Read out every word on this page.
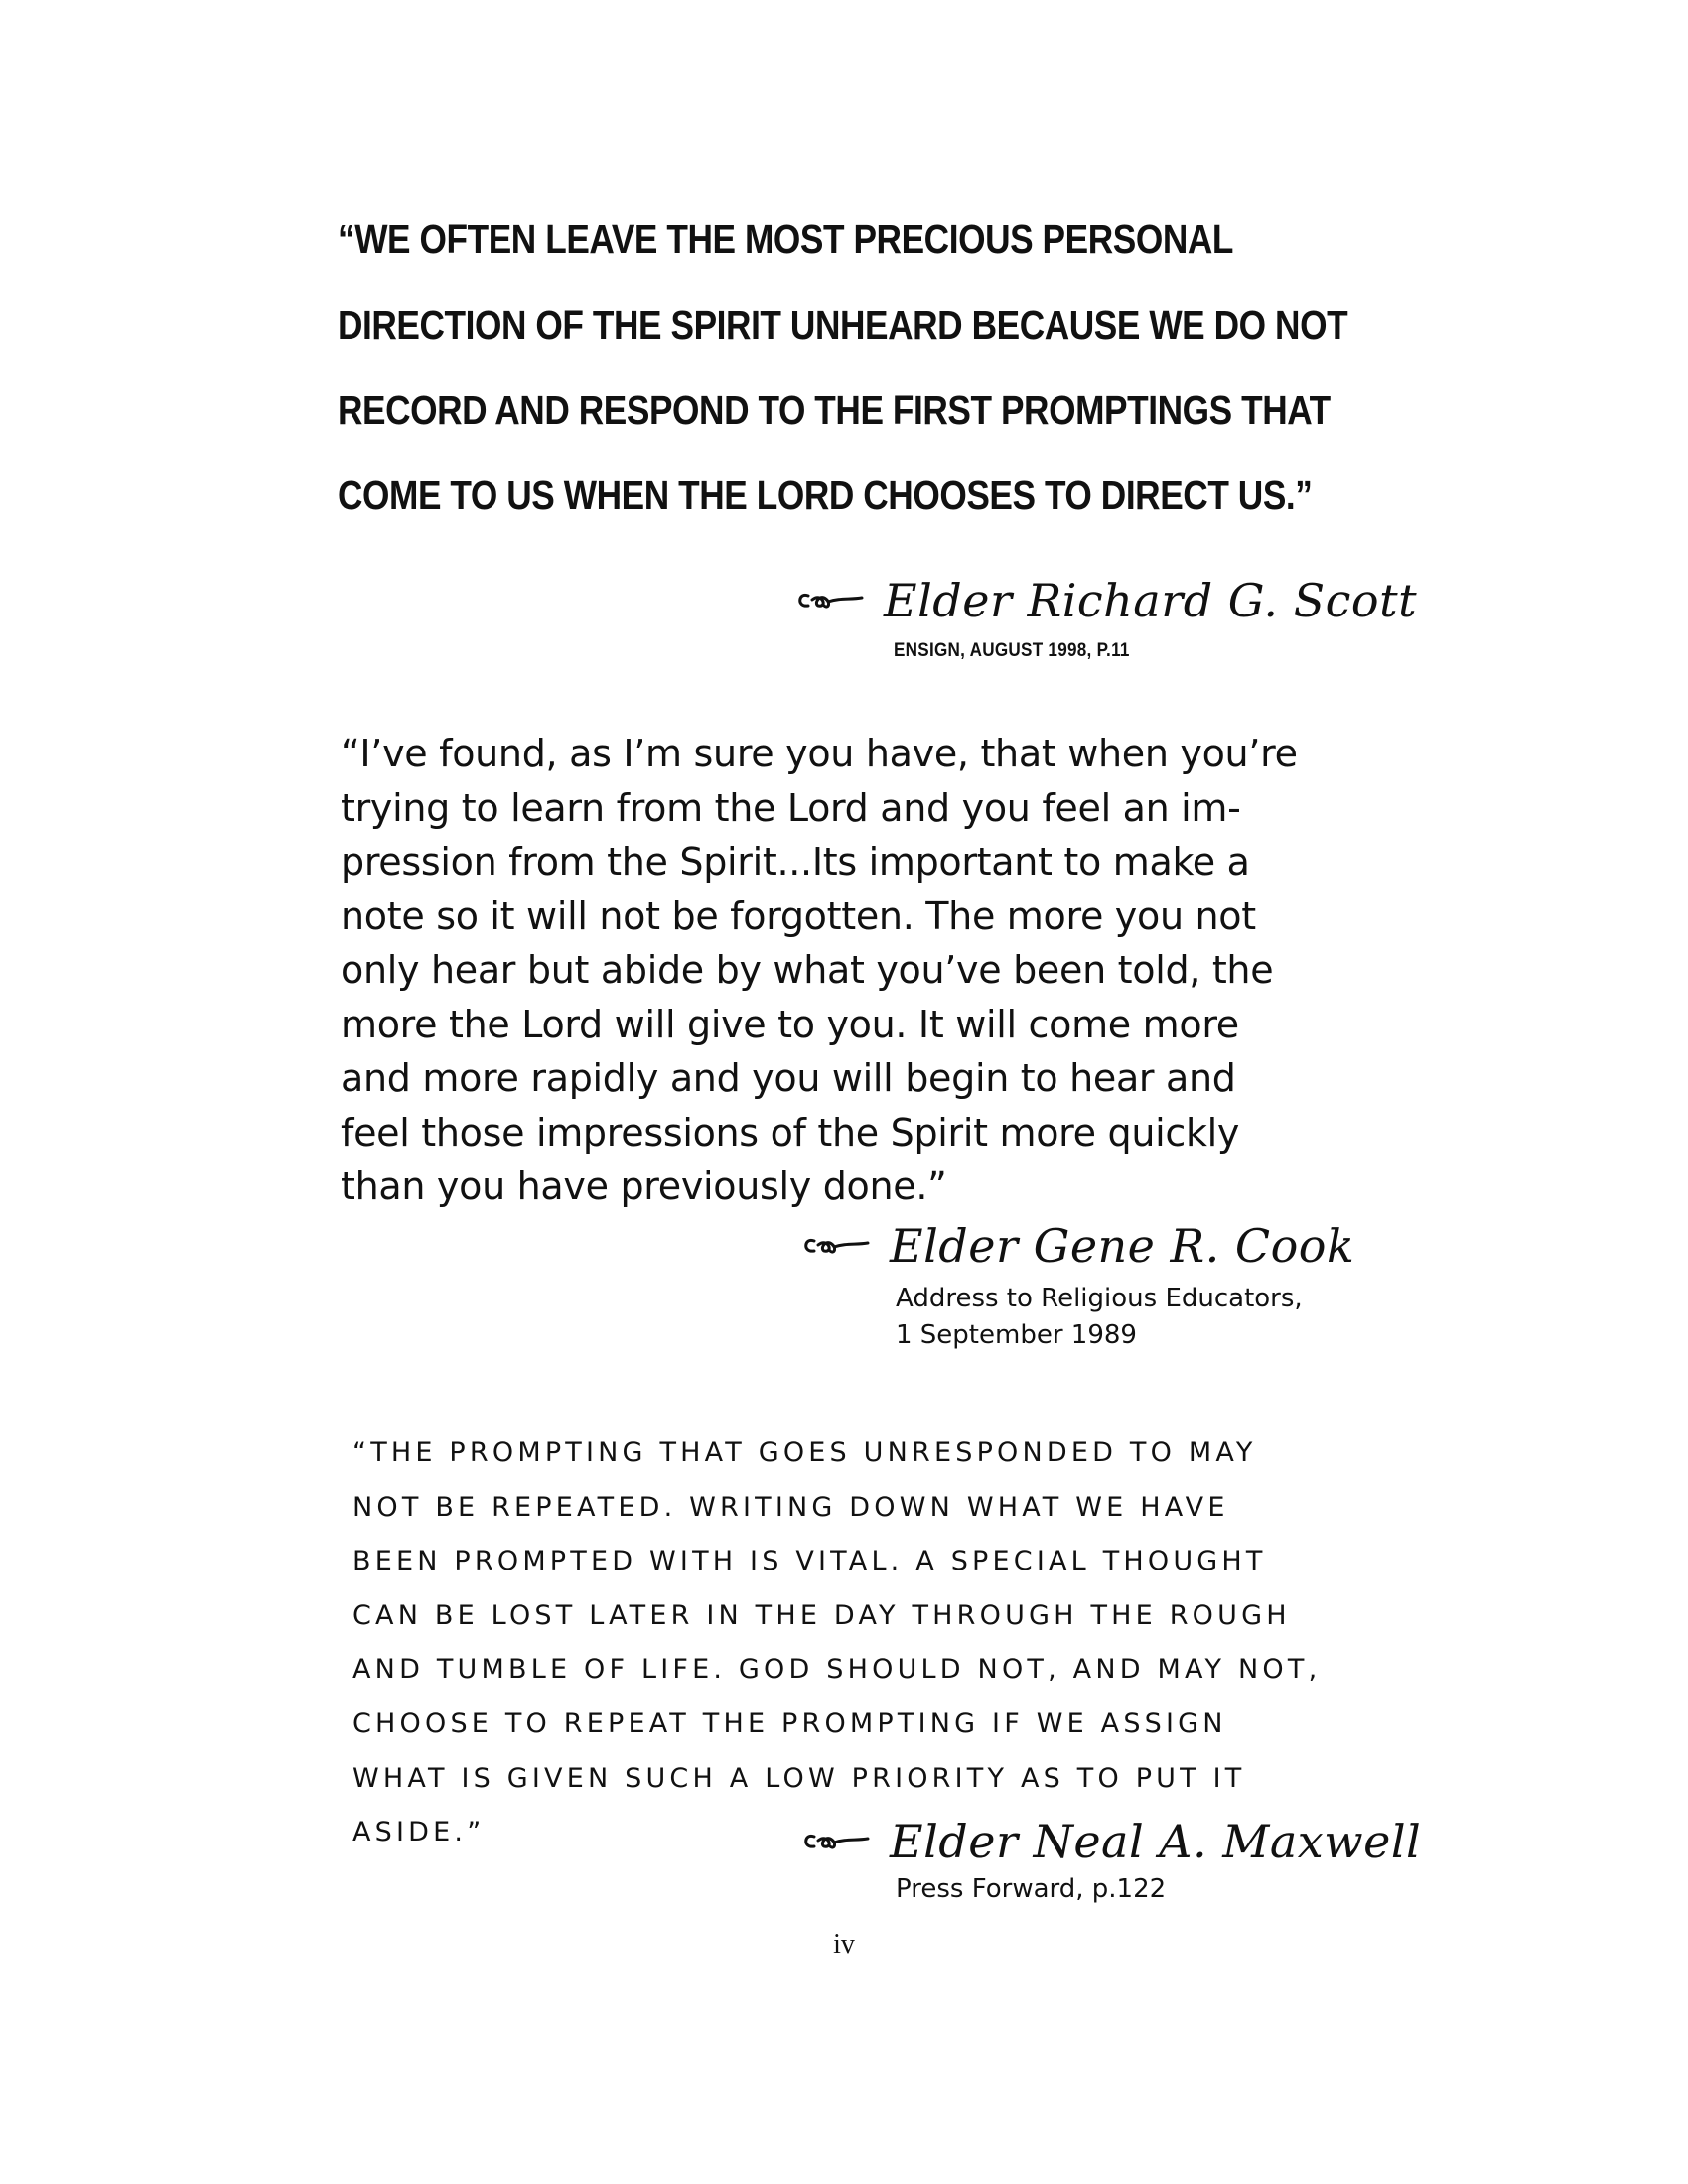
“WE OFTEN LEAVE THE MOST PRECIOUS PERSONAL
DIRECTION OF THE SPIRIT UNHEARD BECAUSE WE DO NOT
RECORD AND RESPOND TO THE FIRST PROMPTINGS THAT
COME TO US WHEN THE LORD CHOOSES TO DIRECT US.”
Elder Richard G. Scott
ENSIGN, AUGUST 1998, P.11
“I’ve found, as I’m sure you have, that when you’re
trying to learn from the Lord and you feel an im-
pression from the Spirit...Its important to make a
note so it will not be forgotten. The more you not
only hear but abide by what you’ve been told, the
more the Lord will give to you. It will come more
and more rapidly and you will begin to hear and
feel those impressions of the Spirit more quickly
than you have previously done.”
Elder Gene R. Cook
Address to Religious Educators,
1 September 1989
“THE PROMPTING THAT GOES UNRESPONDED TO MAY
NOT BE REPEATED. WRITING DOWN WHAT WE HAVE
BEEN PROMPTED WITH IS VITAL. A SPECIAL THOUGHT
CAN BE LOST LATER IN THE DAY THROUGH THE ROUGH
AND TUMBLE OF LIFE. GOD SHOULD NOT, AND MAY NOT,
CHOOSE TO REPEAT THE PROMPTING IF WE ASSIGN
WHAT IS GIVEN SUCH A LOW PRIORITY AS TO PUT IT
ASIDE.”	Elder Neal A. Maxwell
Press Forward, p.122
iv
